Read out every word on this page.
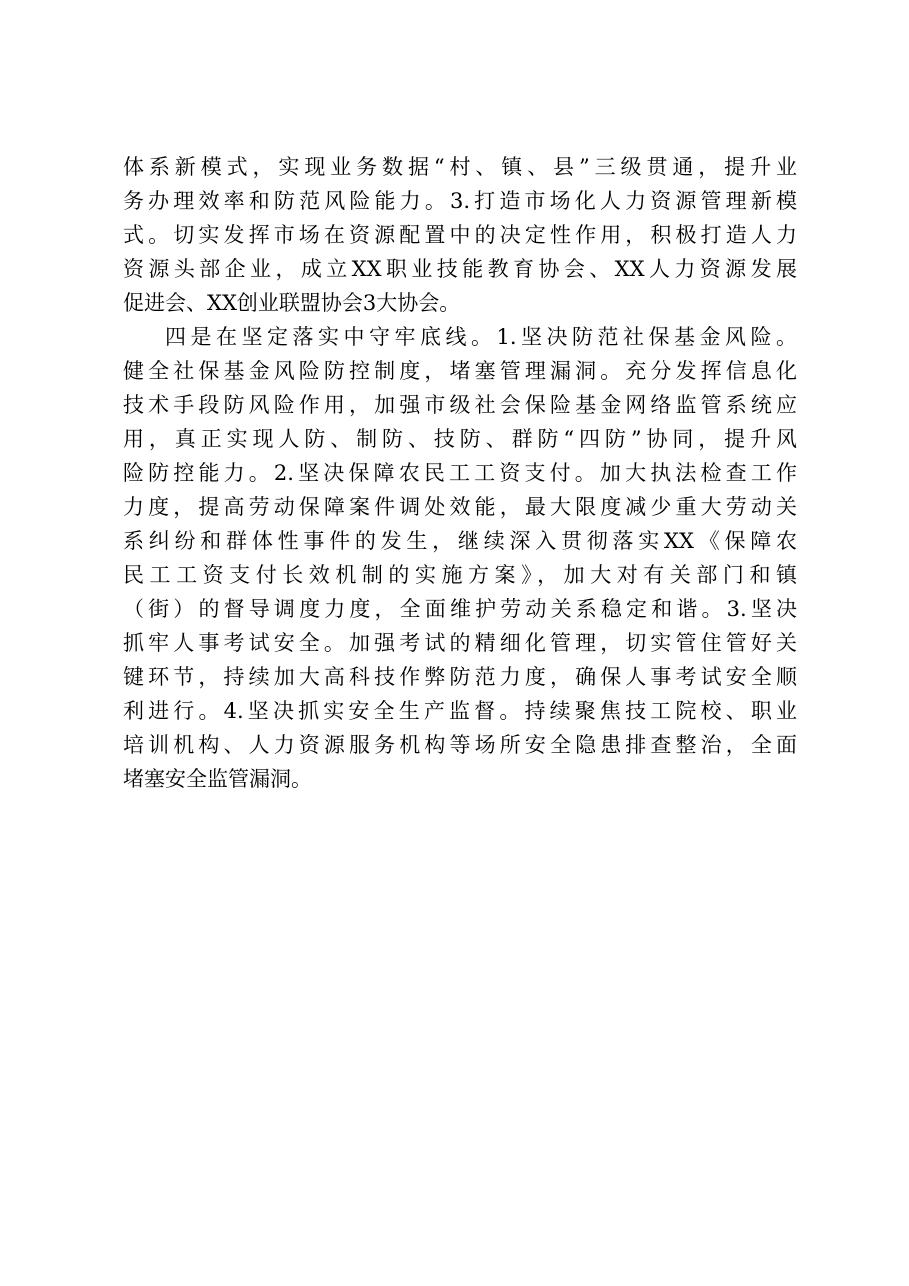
体系新模式，实现业务数据“村、镇、县”三级贯通，提升业
务办理效率和防范风险能力。3.打造市场化人力资源管理新模
式。切实发挥市场在资源配置中的决定性作用，积极打造人力
资源头部企业，成立XX职业技能教育协会、XX人力资源发展
促进会、XX创业联盟协会3大协会。
四是在坚定落实中守牢底线。1.坚决防范社保基金风险。
健全社保基金风险防控制度，堵塞管理漏洞。充分发挥信息化
技术手段防风险作用，加强市级社会保险基金网络监管系统应
用，真正实现人防、制防、技防、群防“四防”协同，提升风
险防控能力。2.坚决保障农民工工资支付。加大执法检查工作
力度，提高劳动保障案件调处效能，最大限度减少重大劳动关
系纠纷和群体性事件的发生，继续深入贯彻落实XX《保障农
民工工资支付长效机制的实施方案》，加大对有关部门和镇
（街）的督导调度力度，全面维护劳动关系稳定和谐。3.坚决
抓牢人事考试安全。加强考试的精细化管理，切实管住管好关
键环节，持续加大高科技作弊防范力度，确保人事考试安全顺
利进行。4.坚决抓实安全生产监督。持续聚焦技工院校、职业
培训机构、人力资源服务机构等场所安全隐患排查整治，全面
堵塞安全监管漏洞。
